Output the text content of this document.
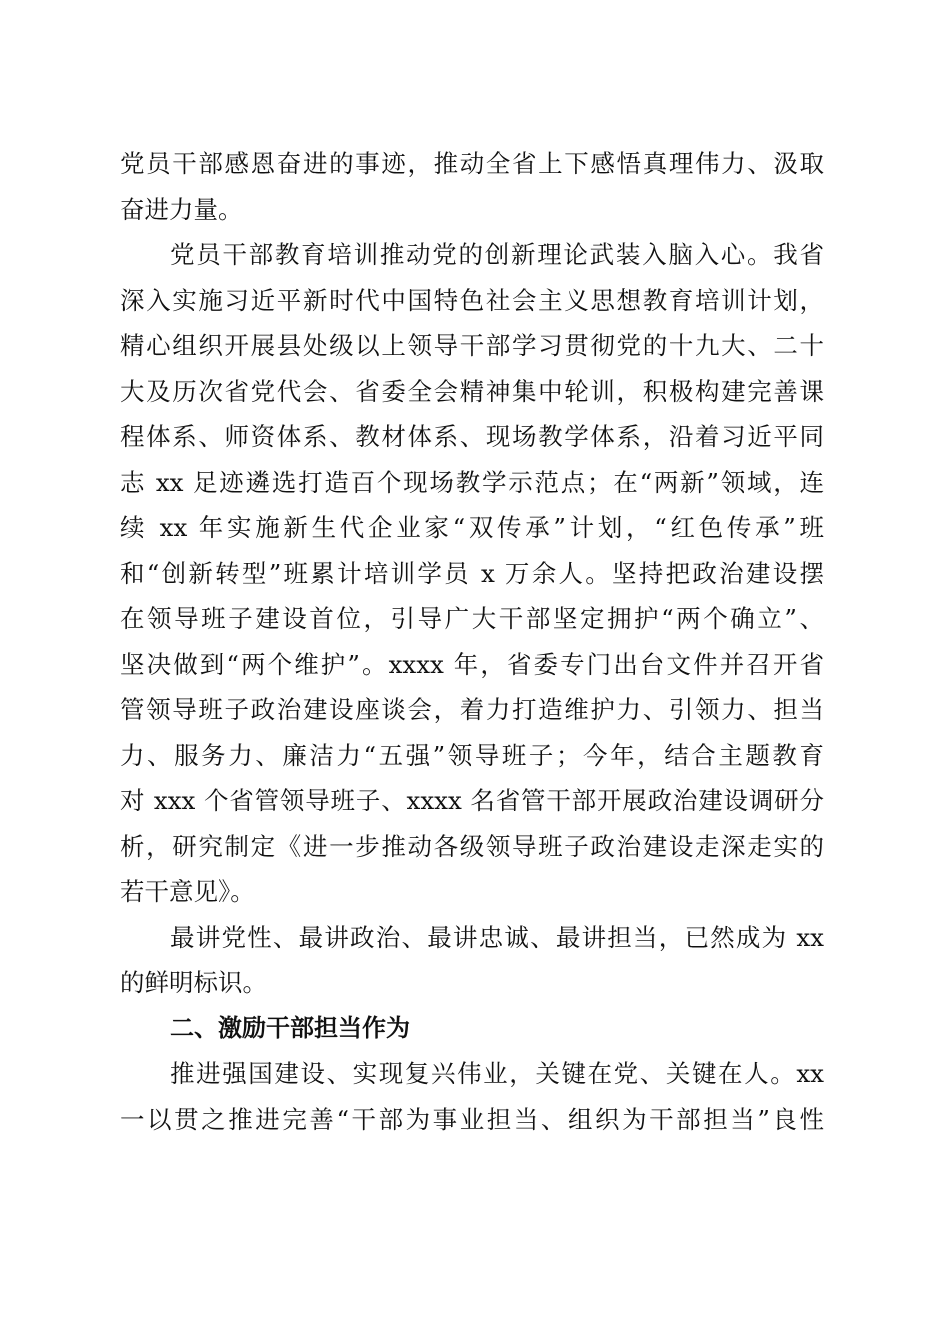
党员干部感恩奋进的事迹，推动全省上下感悟真理伟力、汲取
奋进力量。
党员干部教育培训推动党的创新理论武装入脑入心。我省
深入实施习近平新时代中国特色社会主义思想教育培训计划，
精心组织开展县处级以上领导干部学习贯彻党的十九大、二十
大及历次省党代会、省委全会精神集中轮训，积极构建完善课
程体系、师资体系、教材体系、现场教学体系，沿着习近平同
志 xx 足迹遴选打造百个现场教学示范点；在“两新”领域，连
续 xx 年实施新生代企业家“双传承”计划，“红色传承”班
和“创新转型”班累计培训学员 x 万余人。坚持把政治建设摆
在领导班子建设首位，引导广大干部坚定拥护“两个确立”、
坚决做到“两个维护”。xxxx 年，省委专门出台文件并召开省
管领导班子政治建设座谈会，着力打造维护力、引领力、担当
力、服务力、廉洁力“五强”领导班子；今年，结合主题教育
对 xxx 个省管领导班子、xxxx 名省管干部开展政治建设调研分
析，研究制定《进一步推动各级领导班子政治建设走深走实的
若干意见》。
最讲党性、最讲政治、最讲忠诚、最讲担当，已然成为 xx
的鲜明标识。
二、激励干部担当作为
推进强国建设、实现复兴伟业，关键在党、关键在人。xx
一以贯之推进完善“干部为事业担当、组织为干部担当”良性
